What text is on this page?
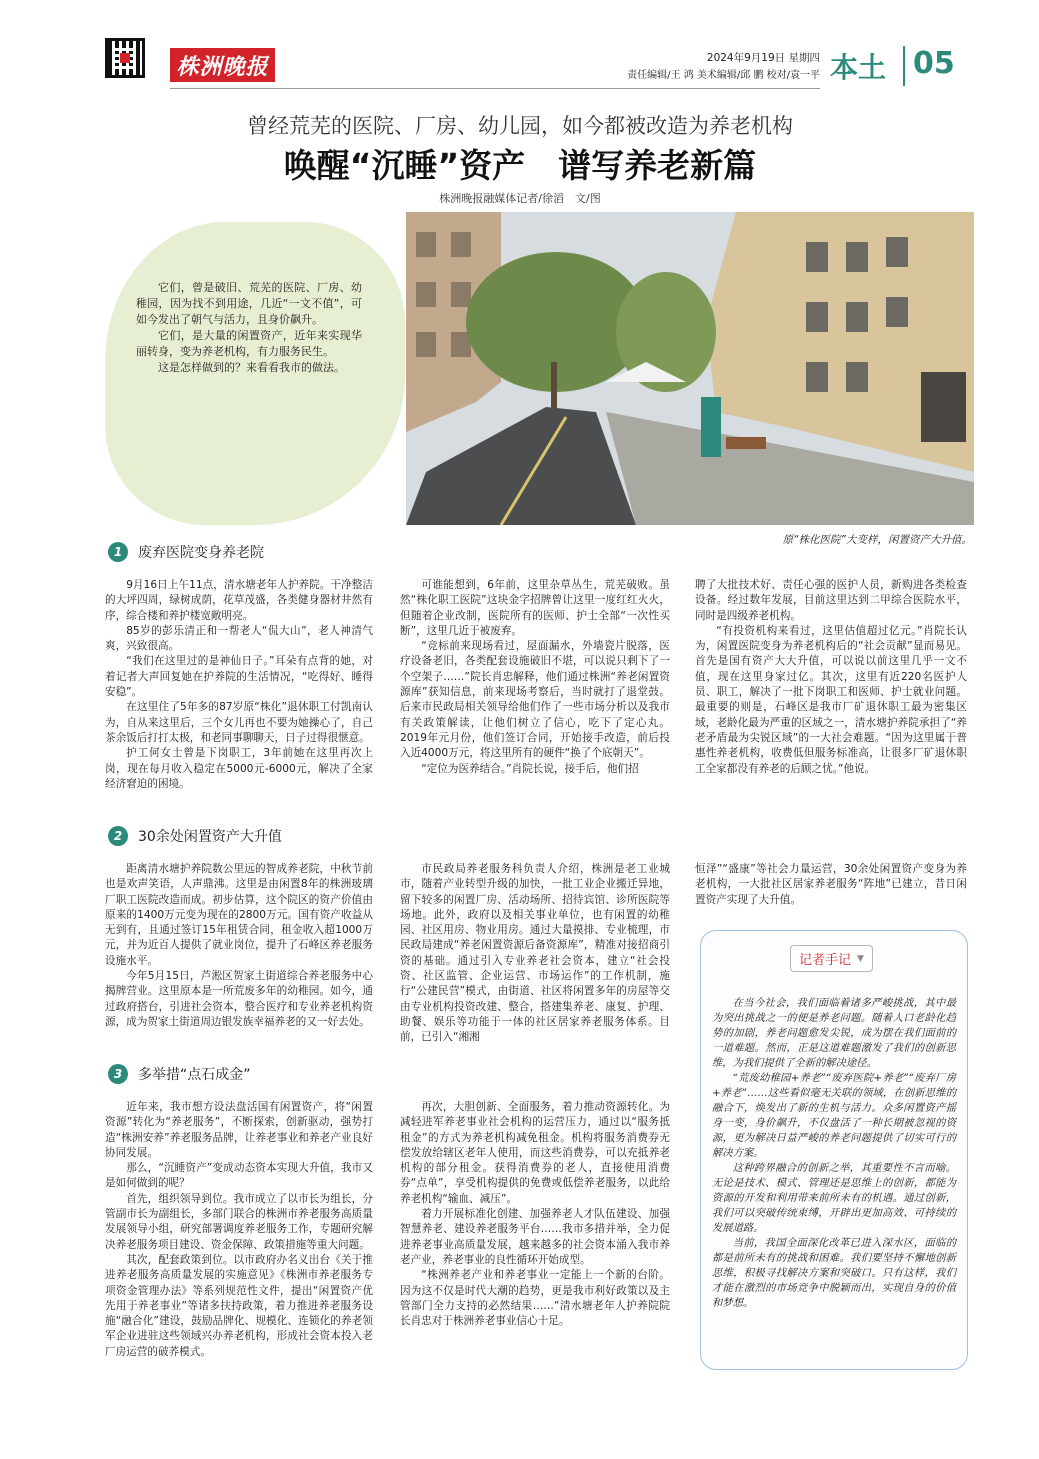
株洲晚报	2024年9月19日 星期四
责任编辑/王 鸿 美术编辑/邱 鹏 校对/袁一平 本土 05
曾经荒芜的医院、厂房、幼儿园，如今都被改造为养老机构
唤醒“沉睡”资产　谱写养老新篇
株洲晚报融媒体记者/徐滔　文/图

它们，曾是破旧、荒芜的医院、厂房、幼稚园，因为找不到用途，几近“一文不值”，可如今发出了朝气与活力，且身价飙升。

它们，是大量的闲置资产，近年来实现华丽转身，变为养老机构，有力服务民生。

这是怎样做到的？来看看我市的做法。

原“株化医院”大变样，闲置资产大升值。
1	废弃医院变身养老院

9月16日上午11点，清水塘老年人护养院。干净整洁的大坪四周，绿树成荫，花草茂盛，各类健身器材井然有序，综合楼和养护楼宽敞明亮。

85岁的彭乐清正和一帮老人“侃大山”，老人神清气爽，兴致很高。

“我们在这里过的是神仙日子。”耳朵有点背的她，对着记者大声回复她在护养院的生活情况，“吃得好、睡得安稳”。

在这里住了5年多的87岁原“株化”退休职工付凯南认为，自从来这里后，三个女儿再也不要为她操心了，自己茶余饭后打打太极，和老同事聊聊天，日子过得很惬意。

护工何女士曾是下岗职工，3年前她在这里再次上岗，现在每月收入稳定在5000元-6000元，解决了全家经济窘迫的困境。

可谁能想到，6年前，这里杂草丛生，荒芜破败。虽然“株化职工医院”这块金字招牌曾让这里一度红红火火，但随着企业改制，医院所有的医师、护士全部“一次性买断”，这里几近于被废弃。

“竞标前来现场看过，屋面漏水，外墙瓷片脱落，医疗设备老旧，各类配套设施破旧不堪，可以说只剩下了一个空架子……”院长肖忠解释，他们通过株洲“养老闲置资源库”获知信息，前来现场考察后，当时就打了退堂鼓。后来市民政局相关领导给他们作了一些市场分析以及我市有关政策解读，让他们树立了信心，吃下了定心丸。2019年元月份，他们签订合同，开始接手改造，前后投入近4000万元，将这里所有的硬件“换了个底朝天”。

“定位为医养结合。”肖院长说，接手后，他们招

聘了大批技术好、责任心强的医护人员，新购进各类检查设备。经过数年发展，目前这里达到二甲综合医院水平，同时是四级养老机构。

“有投资机构来看过，这里估值超过亿元。”肖院长认为，闲置医院变身为养老机构后的“社会贡献”显而易见。首先是国有资产大大升值，可以说以前这里几乎一文不值，现在这里身家过亿。其次，这里有近220名医护人员、职工，解决了一批下岗职工和医师、护士就业问题。最重要的则是，石峰区是我市厂矿退休职工最为密集区域，老龄化最为严重的区域之一，清水塘护养院承担了“养老矛盾最为尖锐区域”的一大社会难题。“因为这里属于普惠性养老机构，收费低但服务标准高，让很多厂矿退休职工全家都没有养老的后顾之忧。”他说。

2	30余处闲置资产大升值

距离清水塘护养院数公里远的智成养老院，中秋节前也是欢声笑语，人声鼎沸。这里是由闲置8年的株洲玻璃厂职工医院改造而成。初步估算，这个院区的资产价值由原来的1400万元变为现在的2800万元。国有资产收益从无到有，且通过签订15年租赁合同，租金收入超1000万元，并为近百人提供了就业岗位，提升了石峰区养老服务设施水平。

今年5月15日，芦淞区贺家土街道综合养老服务中心揭牌营业。这里原本是一所荒废多年的幼稚园。如今，通过政府搭台，引进社会资本，整合医疗和专业养老机构资源，成为贺家土街道周边银发族幸福养老的又一好去处。

市民政局养老服务科负责人介绍，株洲是老工业城市，随着产业转型升级的加快，一批工业企业搬迁异地，留下较多的闲置厂房、活动场所、招待宾馆、诊所医院等场地。此外，政府以及相关事业单位，也有闲置的幼稚园、社区用房、物业用房。通过大量摸排、专业梳理，市民政局建成“养老闲置资源后备资源库”，精准对接招商引资的基础。通过引入专业养老社会资本，建立“社会投资、社区监管、企业运营、市场运作”的工作机制，施行“公建民营”模式，由街道、社区将闲置多年的房屋等交由专业机构投资改建、整合，搭建集养老、康复、护理、助餐、娱乐等功能于一体的社区居家养老服务体系。目前，已引入“湘湘

恒泽”“盛康”等社会力量运营，30余处闲置资产变身为养老机构，一大批社区居家养老服务“阵地”已建立，昔日闲置资产实现了大升值。

3	多举措“点石成金”

近年来，我市想方设法盘活国有闲置资产，将“闲置资源”转化为“养老服务”，不断探索，创新驱动，强势打造“株洲安养”养老服务品牌，让养老事业和养老产业良好协同发展。

那么，“沉睡资产”变成动态资本实现大升值，我市又是如何做到的呢？

首先，组织领导到位。我市成立了以市长为组长，分管副市长为副组长，多部门联合的株洲市养老服务高质量发展领导小组，研究部署调度养老服务工作，专题研究解决养老服务项目建设、资金保障、政策措施等重大问题。

其次，配套政策到位。以市政府办名义出台《关于推进养老服务高质量发展的实施意见》《株洲市养老服务专项资金管理办法》等系列规范性文件，提出“闲置资产优先用于养老事业”等诸多扶持政策，着力推进养老服务设施“融合化”建设，鼓励品牌化、规模化、连锁化的养老领军企业进驻这些领域兴办养老机构，形成社会资本投入老厂房运营的破荞模式。

再次，大胆创新、全面服务，着力推动资源转化。为减轻进军养老事业社会机构的运营压力，通过以“服务抵租金”的方式为养老机构减免租金。机构将服务消费券无偿发放给辖区老年人使用，而这些消费券，可以充抵养老机构的部分租金。获得消费券的老人，直接使用消费券“点单”，享受机构提供的免费或低偿养老服务，以此给养老机构“输血、减压”。

着力开展标准化创建、加强养老人才队伍建设、加强智慧养老、建设养老服务平台……我市多措并举，全力促进养老事业高质量发展，越来越多的社会资本涌入我市养老产业，养老事业的良性循环开始成型。

“株洲养老产业和养老事业一定能上一个新的台阶。因为这不仅是时代大潮的趋势，更是我市利好政策以及主管部门全力支持的必然结果……”清水塘老年人护养院院长肖忠对于株洲养老事业信心十足。

记者手记 ▼

在当今社会，我们面临着诸多严峻挑战，其中最为突出挑战之一的便是养老问题。随着人口老龄化趋势的加剧，养老问题愈发尖锐，成为摆在我们面前的一道难题。然而，正是这道难题激发了我们的创新思维，为我们提供了全新的解决途径。

“荒废幼稚园+养老”“废弃医院+养老”“废弃厂房+养老”……这些看似毫无关联的领域，在创新思维的融合下，焕发出了新的生机与活力。众多闲置资产摇身一变，身价飙升，不仅盘活了一种长期被忽视的资源，更为解决日益严峻的养老问题提供了切实可行的解决方案。

这种跨界融合的创新之举，其重要性不言而喻。无论是技术、模式、管理还是思维上的创新，都能为资源的开发和利用带来前所未有的机遇。通过创新，我们可以突破传统束缚，开辟出更加高效、可持续的发展道路。

当前，我国全面深化改革已进入深水区，面临的都是前所未有的挑战和困难。我们要坚持不懈地创新思维，积极寻找解决方案和突破口。只有这样，我们才能在激烈的市场竞争中脱颖而出，实现自身的价值和梦想。
